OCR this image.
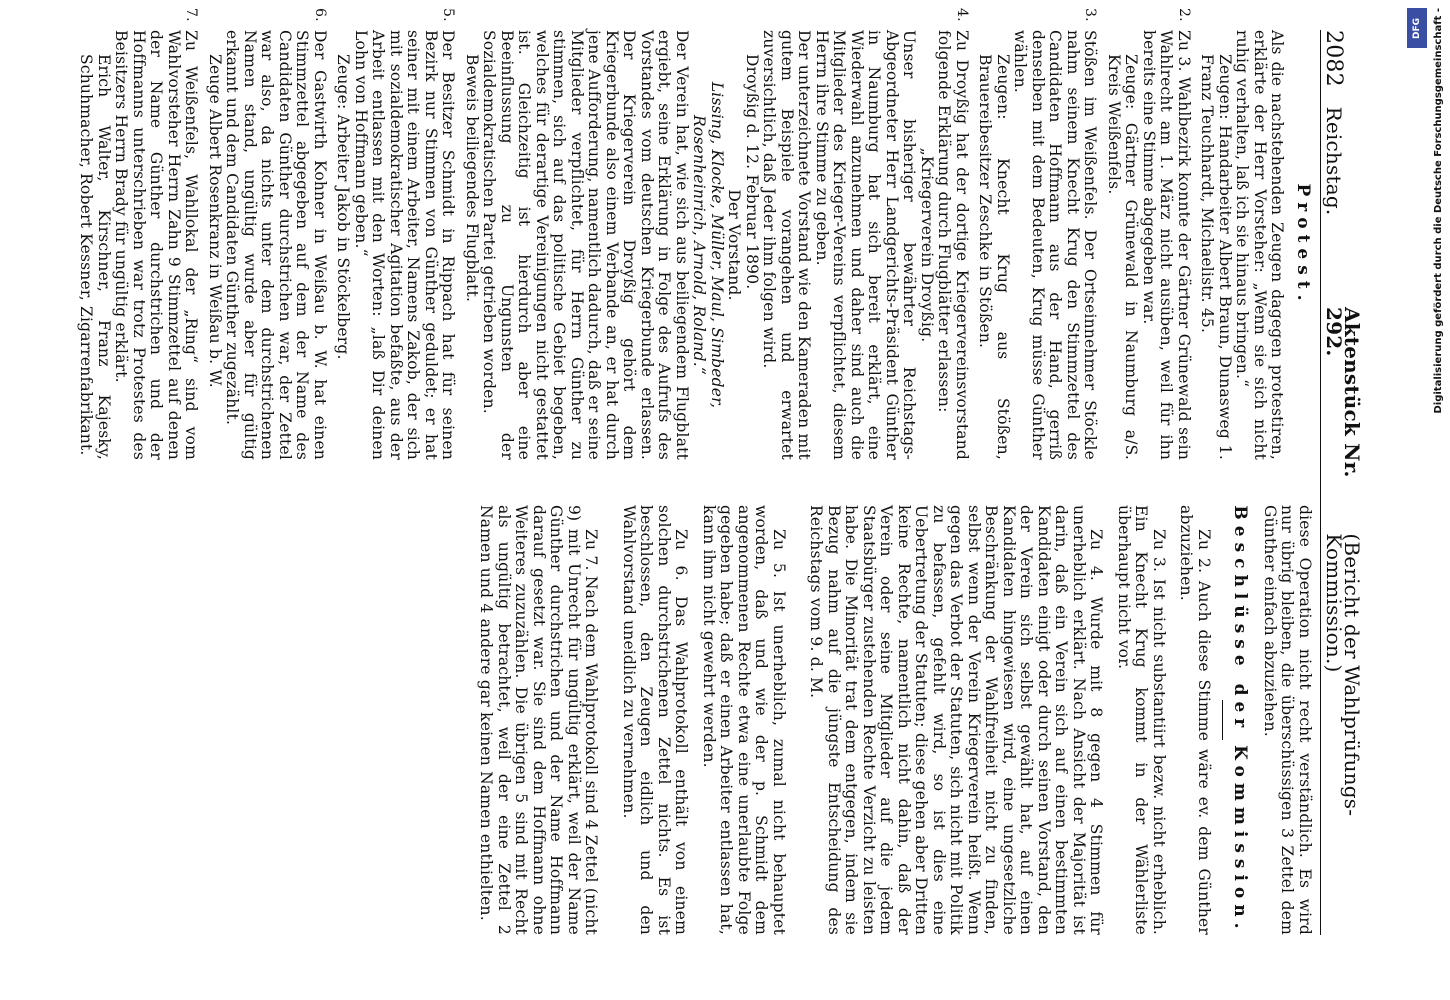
2082
Reichstag.
Aktenstück Nr. 292.
(Bericht der Wahlprüfungs-Kommission.)
Protest.

Als die nachstehenden Zeugen dagegen protestiren, erklärte der Herr Vorsteher: „Wenn sie sich nicht ruhig verhalten, laß ich sie hinaus bringen.“

Zeugen: Handarbeiter Albert Braun, Dunasweg 1. Franz Teuchhardt, Michaelistr. 45.

2.

Zu 3. Wahlbezirk konnte der Gärtner Grünewald sein Wahlrecht am 1. März nicht ausüben, weil für ihn bereits eine Stimme abgegeben war.

Zeuge: Gärtner Grünewald in Naumburg a/S. Kreis Weißenfels.

3.

Stößen im Weißenfels. Der Ortseinnehmer Stöckle nahm seinem Knecht Krug den Stimmzettel des Candidaten Hoffmann aus der Hand, gerriß denselben mit dem Bedeuten, Krug müsse Günther wählen.

Zeugen: Knecht Krug aus Stößen, Brauereibesitzer Zeschke in Stößen.

4.

Zu Droyßig hat der dortige Kriegervereinsvorstand folgende Erklärung durch Flugblätter erlassen:

„Kriegerverein Droyßig.

Unser bisheriger bewährter Reichstags-Abgeordneter Herr Landgerichts-Präsident Günther in Naumburg hat sich bereit erklärt, eine Wiederwahl anzunehmen und daher sind auch die Mitglieder des Krieger-Vereins verpflichtet, diesem Herrn ihre Stimme zu geben.

Der unterzeichnete Vorstand wie den Kameraden mit gutem Beispiele vorangehen und erwartet zuversichtlich, daß Jeder ihm folgen wird.

Droyßig d. 12. Februar 1890.

Der Vorstand.

Lissing, Klocke, Müller, Maul, Simbeder, Rosenheinrich, Arnold, Roland.“

Der Verein hat, wie sich aus beiliegendem Flugblatt ergiebt, seine Erklärung in Folge des Aufrufs des Vorstandes vom deutschen Kriegerbunde erlassen. Der Kriegerverein Droyßig gehört dem Kriegerbunde also einem Verbande an, er hat durch jene Aufforderung, namentlich dadurch, daß er seine Mitglieder verpflichtet, für Herrn Günther zu stimmen, sich auf das politische Gebiet begeben, welches für derartige Vereinigungen nicht gestattet ist. Gleichzeitig ist hierdurch aber eine Beeinflussung zu Ungunsten der Sozialdemokratischen Partei getrieben worden.

Beweis beiliegendes Flugblatt.

5.

Der Besitzer Schmidt in Rippach hat für seinen Bezirk nur Stimmen von Günther geduldet; er hat seiner mit einem Arbeiter, Namens Zakob, der sich mit sozialdemokratischer Agitation befaßte, aus der Arbeit entlassen mit den Worten: „laß Dir deinen Lohn von Hoffmann geben.“

Zeuge: Arbeiter Jakob in Stöckelberg.

6.

Der Gastwirth Kohner in Weißau b. W. hat einen Stimmzettel abgegeben auf dem der Name des Candidaten Günther durchstrichen war, der Zettel war also, da nichts unter dem durchstrichenen Namen stand, ungültig wurde aber für gültig erkannt und dem Candidaten Günther zugezählt.

Zeuge Albert Rosenkranz in Weißau b. W.

7.

Zu Weißenfels, Wahllokal der „Ring“ sind vom Wahlvorsteher Herrn Zahn 9 Stimmzettel auf denen der Name Günther durchstrichen und der Hoffmanns unterschrieben war trotz Protestes des Beisitzers Herrn Brady für ungültig erklärt.

Erich Walter, Kirschner, Franz Kajesky, Schuhmacher, Robert Kessner, Zigarrenfabrikant.

diese Operation nicht recht verständlich. Es wird nur übrig bleiben, die überschüssigen 3 Zettel dem Günther einfach abzuziehen.

Beschlüsse der Kommission.

Zu 2. Auch diese Stimme wäre ev. dem Günther abzuziehen.

Zu 3. Ist nicht substantiirt bezw. nicht erheblich. Ein Knecht Krug kommt in der Wählerliste überhaupt nicht vor.

Zu 4. Wurde mit 8 gegen 4 Stimmen für unerheblich erklärt. Nach Ansicht der Majorität ist darin, daß ein Verein sich auf einen bestimmten Kandidaten einigt oder durch seinen Vorstand, den der Verein sich selbst gewählt hat, auf einen Kandidaten hingewiesen wird, eine ungesetzliche Beschränkung der Wahlfreiheit nicht zu finden, selbst wenn der Verein Kriegerverein heißt. Wenn gegen das Verbot der Statuten, sich nicht mit Politik zu befassen, gefehlt wird, so ist dies eine Uebertretung der Statuten; diese gehen aber Dritten keine Rechte, namentlich nicht dahin, daß der Verein oder seine Mitglieder auf die jedem Staatsbürger zustehenden Rechte Verzicht zu leisten habe. Die Minorität trat dem entgegen, indem sie Bezug nahm auf die jüngste Entscheidung des Reichstags vom 9. d. M.

Zu 5. Ist unerheblich, zumal nicht behauptet worden, daß und wie der p. Schmidt dem angenommenen Rechte etwa eine unerlaubte Folge gegeben habe; daß er einen Arbeiter entlassen hat, kann ihm nicht gewehrt werden.

Zu 6. Das Wahlprotokoll enthält von einem solchen durchstrichenen Zettel nichts. Es ist beschlossen, den Zeugen eidlich und den Wahlvorstand uneidlich zu vernehmen.

Zu 7. Nach dem Wahlprotokoll sind 4 Zettel (nicht 9) mit Unrecht für ungültig erklärt, weil der Name Günther durchstrichen und der Name Hoffmann darauf gesetzt war. Sie sind dem Hoffmann ohne Weiteres zuzuzählen. Die übrigen 5 sind mit Recht als ungültig betrachtet, weil der eine Zettel 2 Namen und 4 andere gar keinen Namen enthielten.

DFG	Digitalisierung gefördert durch die Deutsche Forschungsgemeinschaft -
